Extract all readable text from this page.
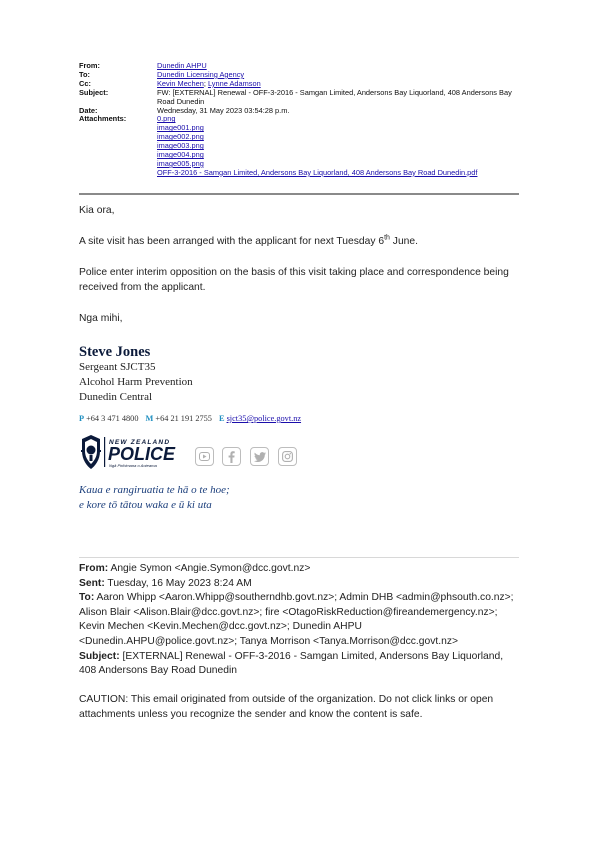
From:	Dunedin AHPU
To:	Dunedin Licensing Agency
Cc:	Kevin Mechen; Lynne Adamson
Subject:	FW: [EXTERNAL] Renewal - OFF-3-2016 - Samgan Limited, Andersons Bay Liquorland, 408 Andersons Bay Road Dunedin
Date:	Wednesday, 31 May 2023 03:54:28 p.m.
Attachments:	0.png
image001.png
image002.png
image003.png
image004.png
image005.png
OFF-3-2016 - Samgan Limited, Andersons Bay Liquorland, 408 Andersons Bay Road Dunedin.pdf
Kia ora,
A site visit has been arranged with the applicant for next Tuesday 6th June.
Police enter interim opposition on the basis of this visit taking place and correspondence being received from the applicant.
Nga mihi,
Steve Jones
Sergeant SJCT35
Alcohol Harm Prevention
Dunedin Central
P +64 3 471 4800 M +64 21 191 2755 E sjct35@police.govt.nz
NEW ZEALAND
POLICE
Ngā Pirihimana o Aotearoa
Kaua e rangiruatia te hā o te hoe;
e kore tō tātou waka e ū ki uta
From: Angie Symon <Angie.Symon@dcc.govt.nz>
Sent: Tuesday, 16 May 2023 8:24 AM
To: Aaron Whipp <Aaron.Whipp@southerndhb.govt.nz>; Admin DHB <admin@phsouth.co.nz>; Alison Blair <Alison.Blair@dcc.govt.nz>; fire <OtagoRiskReduction@fireandemergency.nz>; Kevin Mechen <Kevin.Mechen@dcc.govt.nz>; Dunedin AHPU <Dunedin.AHPU@police.govt.nz>; Tanya Morrison <Tanya.Morrison@dcc.govt.nz>
Subject: [EXTERNAL] Renewal - OFF-3-2016 - Samgan Limited, Andersons Bay Liquorland, 408 Andersons Bay Road Dunedin
CAUTION: This email originated from outside of the organization. Do not click links or open attachments unless you recognize the sender and know the content is safe.
